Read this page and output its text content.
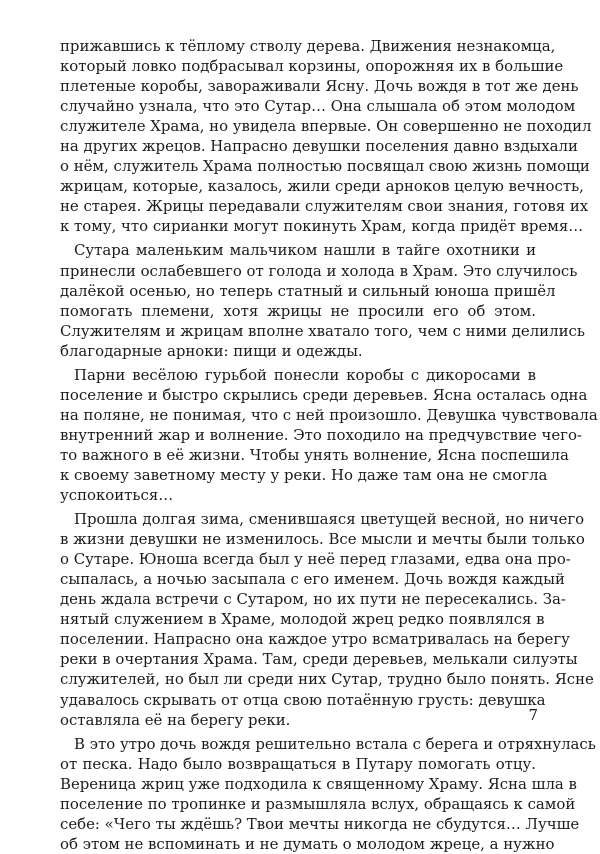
прижавшись к тёплому стволу дерева. Движения незнакомца,
который ловко подбрасывал корзины, опорожняя их в большие
плетеные коробы, завораживали Ясну. Дочь вождя в тот же день
случайно узнала, что это Сутар… Она слышала об этом молодом
служителе Храма, но увидела впервые. Он совершенно не походил
на других жрецов. Напрасно девушки поселения давно вздыхали
о нём, служитель Храма полностью посвящал свою жизнь помощи
жрицам, которые, казалось, жили среди арноков целую вечность,
не старея. Жрицы передавали служителям свои знания, готовя их
к тому, что сирианки могут покинуть Храм, когда придёт время…
Сутара маленьким мальчиком нашли в тайге охотники и
принесли ослабевшего от голода и холода в Храм. Это случилось
далёкой осенью, но теперь статный и сильный юноша пришёл
помогать племени, хотя жрицы не просили его об этом.
Служителям и жрицам вполне хватало того, чем с ними делились
благодарные арноки: пищи и одежды.
Парни весёлою гурьбой понесли коробы с дикоросами в
поселение и быстро скрылись среди деревьев. Ясна осталась одна
на поляне, не понимая, что с ней произошло. Девушка чувствовала
внутренний жар и волнение. Это походило на предчувствие чего-
то важного в её жизни. Чтобы унять волнение, Ясна поспешила
к своему заветному месту у реки. Но даже там она не смогла
успокоиться…
Прошла долгая зима, сменившаяся цветущей весной, но ничего
в жизни девушки не изменилось. Все мысли и мечты были только
о Сутаре. Юноша всегда был у неё перед глазами, едва она про-
сыпалась, а ночью засыпала с его именем. Дочь вождя каждый
день ждала встречи с Сутаром, но их пути не пересекались. За-
нятый служением в Храме, молодой жрец редко появлялся в
поселении. Напрасно она каждое утро всматривалась на берегу
реки в очертания Храма. Там, среди деревьев, мелькали силуэты
служителей, но был ли среди них Сутар, трудно было понять. Ясне
удавалось скрывать от отца свою потаённую грусть: девушка
оставляла её на берегу реки.
В это утро дочь вождя решительно встала с берега и отряхнулась
от песка. Надо было возвращаться в Путару помогать отцу.
Вереница жриц уже подходила к священному Храму. Ясна шла в
поселение по тропинке и размышляла вслух, обращаясь к самой
себе: «Чего ты ждёшь? Твои мечты никогда не сбудутся… Лучше
об этом не вспоминать и не думать о молодом жреце, а нужно
7
